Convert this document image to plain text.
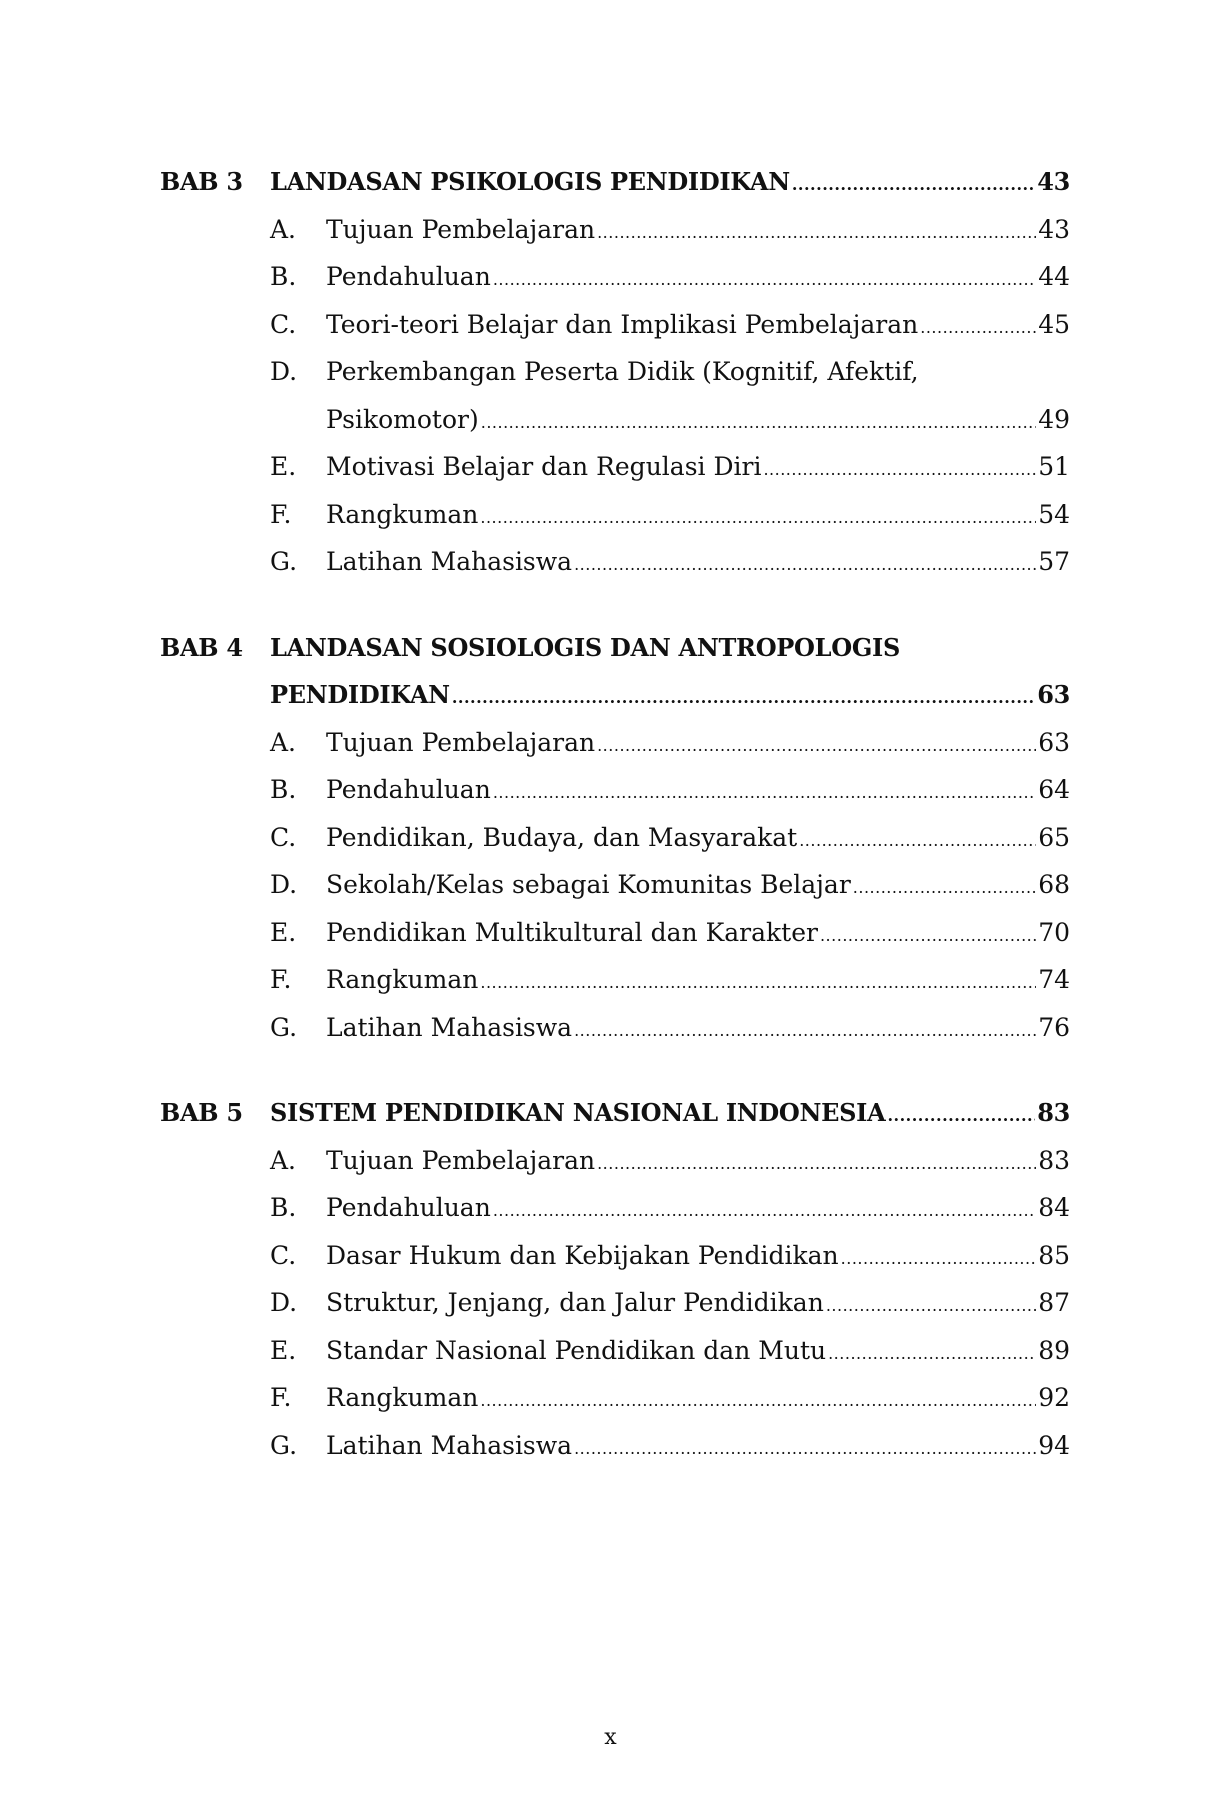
BAB 3	LANDASAN PSIKOLOGIS PENDIDIKAN .....	43
A.	Tujuan Pembelajaran .....	43
B.	Pendahuluan .....	44
C.	Teori-teori Belajar dan Implikasi Pembelajaran .....	45
D.	Perkembangan Peserta Didik (Kognitif, Afektif,
Psikomotor) .....	49
E.	Motivasi Belajar dan Regulasi Diri .....	51
F.	Rangkuman .....	54
G.	Latihan Mahasiswa .....	57
BAB 4	LANDASAN SOSIOLOGIS DAN ANTROPOLOGIS
PENDIDIKAN .....	63
A.	Tujuan Pembelajaran .....	63
B.	Pendahuluan .....	64
C.	Pendidikan, Budaya, dan Masyarakat .....	65
D.	Sekolah/Kelas sebagai Komunitas Belajar .....	68
E.	Pendidikan Multikultural dan Karakter .....	70
F.	Rangkuman .....	74
G.	Latihan Mahasiswa .....	76
BAB 5	SISTEM PENDIDIKAN NASIONAL INDONESIA .....	83
A.	Tujuan Pembelajaran .....	83
B.	Pendahuluan .....	84
C.	Dasar Hukum dan Kebijakan Pendidikan .....	85
D.	Struktur, Jenjang, dan Jalur Pendidikan .....	87
E.	Standar Nasional Pendidikan dan Mutu .....	89
F.	Rangkuman .....	92
G.	Latihan Mahasiswa .....	94
x
